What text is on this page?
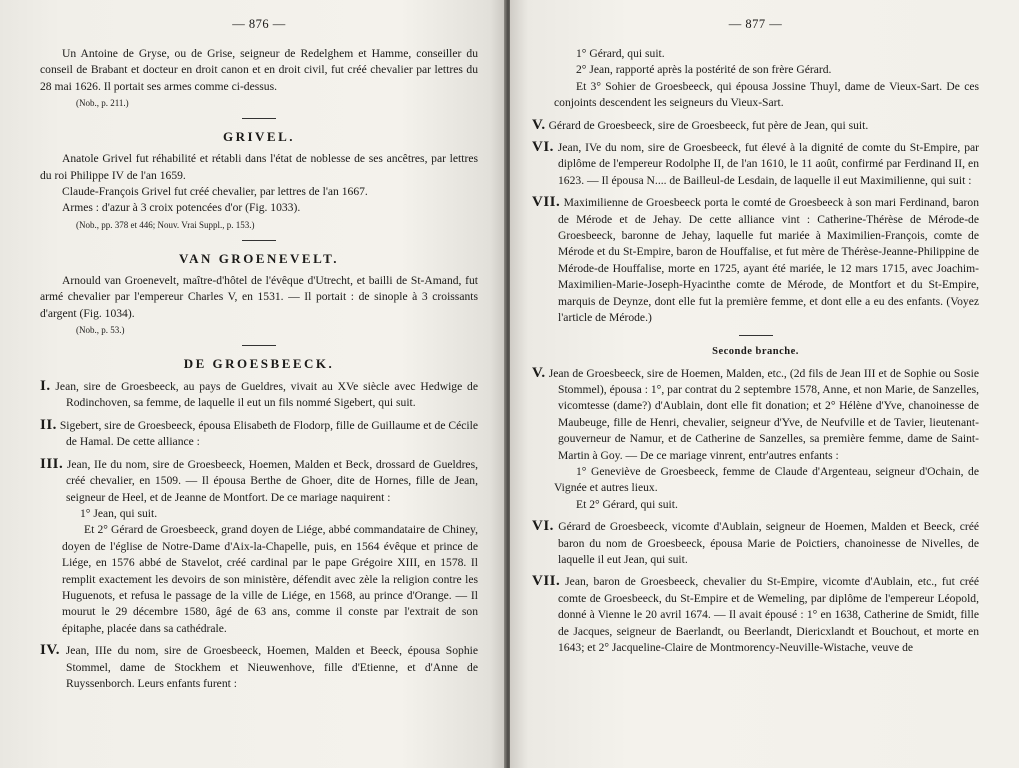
— 876 —

Un Antoine de Gryse, ou de Grise, seigneur de Redelghem et Hamme, conseiller du conseil de Brabant et docteur en droit canon et en droit civil, fut créé chevalier par lettres du 28 mai 1626. Il portait ses armes comme ci-dessus.

(Nob., p. 211.)
GRIVEL.

Anatole Grivel fut réhabilité et rétabli dans l'état de noblesse de ses ancêtres, par lettres du roi Philippe IV de l'an 1659.

Claude-François Grivel fut créé chevalier, par lettres de l'an 1667.

Armes : d'azur à 3 croix potencées d'or (Fig. 1033).

(Nob., pp. 378 et 446; Nouv. Vrai Suppl., p. 153.)
VAN GROENEVELT.

Arnould van Groenevelt, maître-d'hôtel de l'évêque d'Utrecht, et bailli de St-Amand, fut armé chevalier par l'empereur Charles V, en 1531. — Il portait : de sinople à 3 croissants d'argent (Fig. 1034).

(Nob., p. 53.)
DE GROESBEECK.

I. Jean, sire de Groesbeeck, au pays de Gueldres, vivait au XVe siècle avec Hedwige de Rodinchoven, sa femme, de laquelle il eut un fils nommé Sigebert, qui suit.

II. Sigebert, sire de Groesbeeck, épousa Elisabeth de Flodorp, fille de Guillaume et de Cécile de Hamal. De cette alliance :

III. Jean, IIe du nom, sire de Groesbeeck, Hoemen, Malden et Beck, drossard de Gueldres, créé chevalier, en 1509. — Il épousa Berthe de Ghoer, dite de Hornes, fille de Jean, seigneur de Heel, et de Jeanne de Montfort. De ce mariage naquirent :

1° Jean, qui suit.

Et 2° Gérard de Groesbeeck, grand doyen de Liége, abbé commandataire de Chiney, doyen de l'église de Notre-Dame d'Aix-la-Chapelle, puis, en 1564 évêque et prince de Liége, en 1576 abbé de Stavelot, créé cardinal par le pape Grégoire XIII, en 1578. Il remplit exactement les devoirs de son ministère, défendit avec zèle la religion contre les Huguenots, et refusa le passage de la ville de Liége, en 1568, au prince d'Orange. — Il mourut le 29 décembre 1580, âgé de 63 ans, comme il conste par l'extrait de son épitaphe, placée dans sa cathédrale.

IV. Jean, IIIe du nom, sire de Groesbeeck, Hoemen, Malden et Beeck, épousa Sophie Stommel, dame de Stockhem et Nieuwenhove, fille d'Etienne, et d'Anne de Ruyssenborch. Leurs enfants furent :

— 877 —

1° Gérard, qui suit.

2° Jean, rapporté après la postérité de son frère Gérard.

Et 3° Sohier de Groesbeeck, qui épousa Jossine Thuyl, dame de Vieux-Sart. De ces conjoints descendent les seigneurs du Vieux-Sart.

V. Gérard de Groesbeeck, sire de Groesbeeck, fut père de Jean, qui suit.

VI. Jean, IVe du nom, sire de Groesbeeck, fut élevé à la dignité de comte du St-Empire, par diplôme de l'empereur Rodolphe II, de l'an 1610, le 11 août, confirmé par Ferdinand II, en 1623. — Il épousa N.... de Bailleul-de Lesdain, de laquelle il eut Maximilienne, qui suit :

VII. Maximilienne de Groesbeeck porta le comté de Groesbeeck à son mari Ferdinand, baron de Mérode et de Jehay. De cette alliance vint : Catherine-Thérèse de Mérode-de Groesbeeck, baronne de Jehay, laquelle fut mariée à Maximilien-François, comte de Mérode et du St-Empire, baron de Houffalise, et fut mère de Thérèse-Jeanne-Philippine de Mérode-de Houffalise, morte en 1725, ayant été mariée, le 12 mars 1715, avec Joachim-Maximilien-Marie-Joseph-Hyacinthe comte de Mérode, de Montfort et du St-Empire, marquis de Deynze, dont elle fut la première femme, et dont elle a eu des enfants. (Voyez l'article de Mérode.)

Seconde branche.

V. Jean de Groesbeeck, sire de Hoemen, Malden, etc., (2d fils de Jean III et de Sophie ou Sosie Stommel), épousa : 1°, par contrat du 2 septembre 1578, Anne, et non Marie, de Sanzelles, vicomtesse (dame?) d'Aublain, dont elle fit donation; et 2° Hélène d'Yve, chanoinesse de Maubeuge, fille de Henri, chevalier, seigneur d'Yve, de Neufville et de Tavier, lieutenant-gouverneur de Namur, et de Catherine de Sanzelles, sa première femme, dame de Saint-Martin à Goy. — De ce mariage vinrent, entr'autres enfants :

1° Geneviève de Groesbeeck, femme de Claude d'Argenteau, seigneur d'Ochain, de Vignée et autres lieux.

Et 2° Gérard, qui suit.

VI. Gérard de Groesbeeck, vicomte d'Aublain, seigneur de Hoemen, Malden et Beeck, créé baron du nom de Groesbeeck, épousa Marie de Poictiers, chanoinesse de Nivelles, de laquelle il eut Jean, qui suit.

VII. Jean, baron de Groesbeeck, chevalier du St-Empire, vicomte d'Aublain, etc., fut créé comte de Groesbeeck, du St-Empire et de Wemeling, par diplôme de l'empereur Léopold, donné à Vienne le 20 avril 1674. — Il avait épousé : 1° en 1638, Catherine de Smidt, fille de Jacques, seigneur de Baerlandt, ou Beerlandt, Diericxlandt et Bouchout, et morte en 1643; et 2° Jacqueline-Claire de Montmorency-Neuville-Wistache, veuve de
